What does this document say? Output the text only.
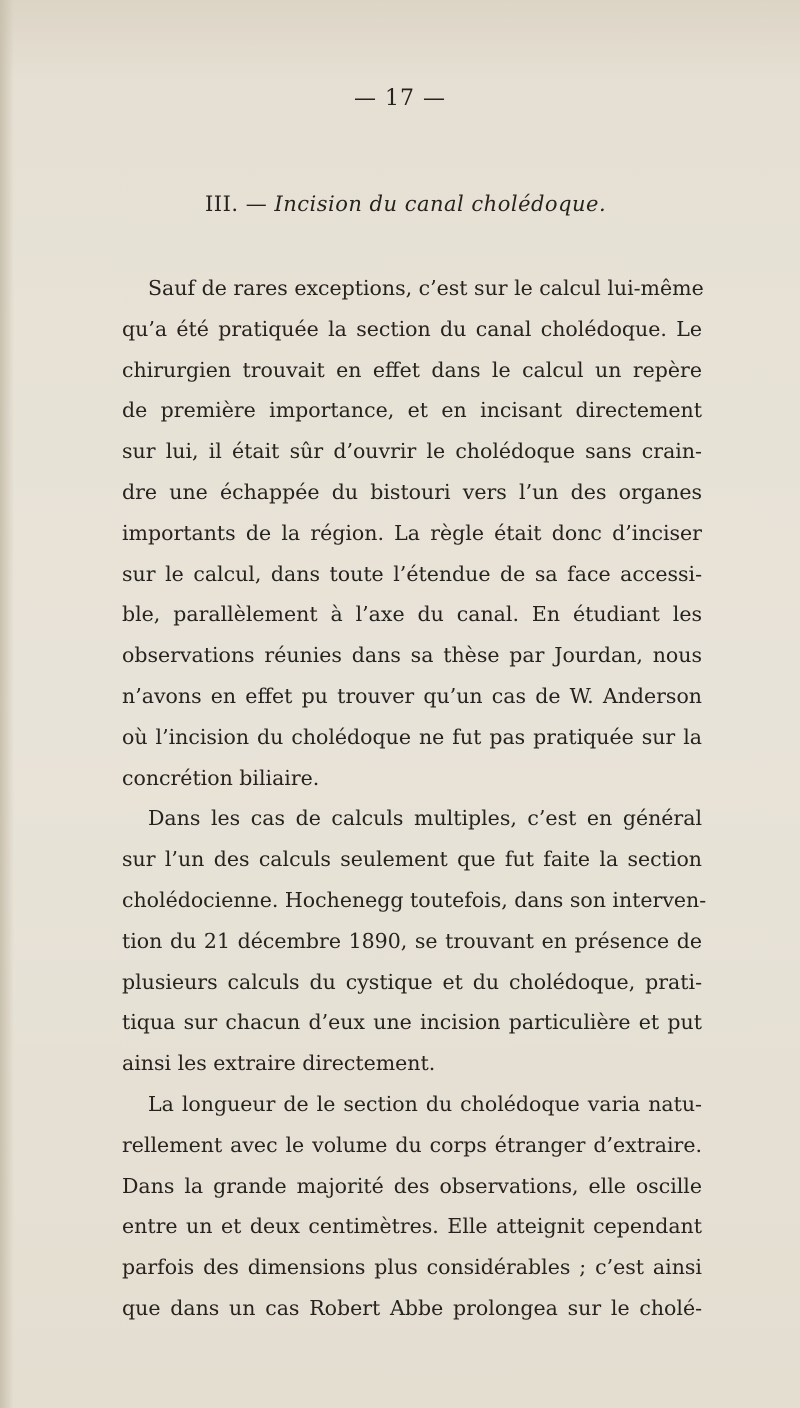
— 17 —
III. — Incision du canal cholédoque.

Sauf de rares exceptions, c’est sur le calcul lui-même
qu’a été pratiquée la section du canal cholédoque. Le
chirurgien trouvait en effet dans le calcul un repère
de première importance, et en incisant directement
sur lui, il était sûr d’ouvrir le cholédoque sans crain-
dre une échappée du bistouri vers l’un des organes
importants de la région. La règle était donc d’inciser
sur le calcul, dans toute l’étendue de sa face accessi-
ble, parallèlement à l’axe du canal. En étudiant les
observations réunies dans sa thèse par Jourdan, nous
n’avons en effet pu trouver qu’un cas de W. Anderson
où l’incision du cholédoque ne fut pas pratiquée sur la
concrétion biliaire.

Dans les cas de calculs multiples, c’est en général
sur l’un des calculs seulement que fut faite la section
cholédocienne. Hochenegg toutefois, dans son interven-
tion du 21 décembre 1890, se trouvant en présence de
plusieurs calculs du cystique et du cholédoque, prati-
tiqua sur chacun d’eux une incision particulière et put
ainsi les extraire directement.

La longueur de le section du cholédoque varia natu-
rellement avec le volume du corps étranger d’extraire.
Dans la grande majorité des observations, elle oscille
entre un et deux centimètres. Elle atteignit cependant
parfois des dimensions plus considérables ; c’est ainsi
que dans un cas Robert Abbe prolongea sur le cholé-
